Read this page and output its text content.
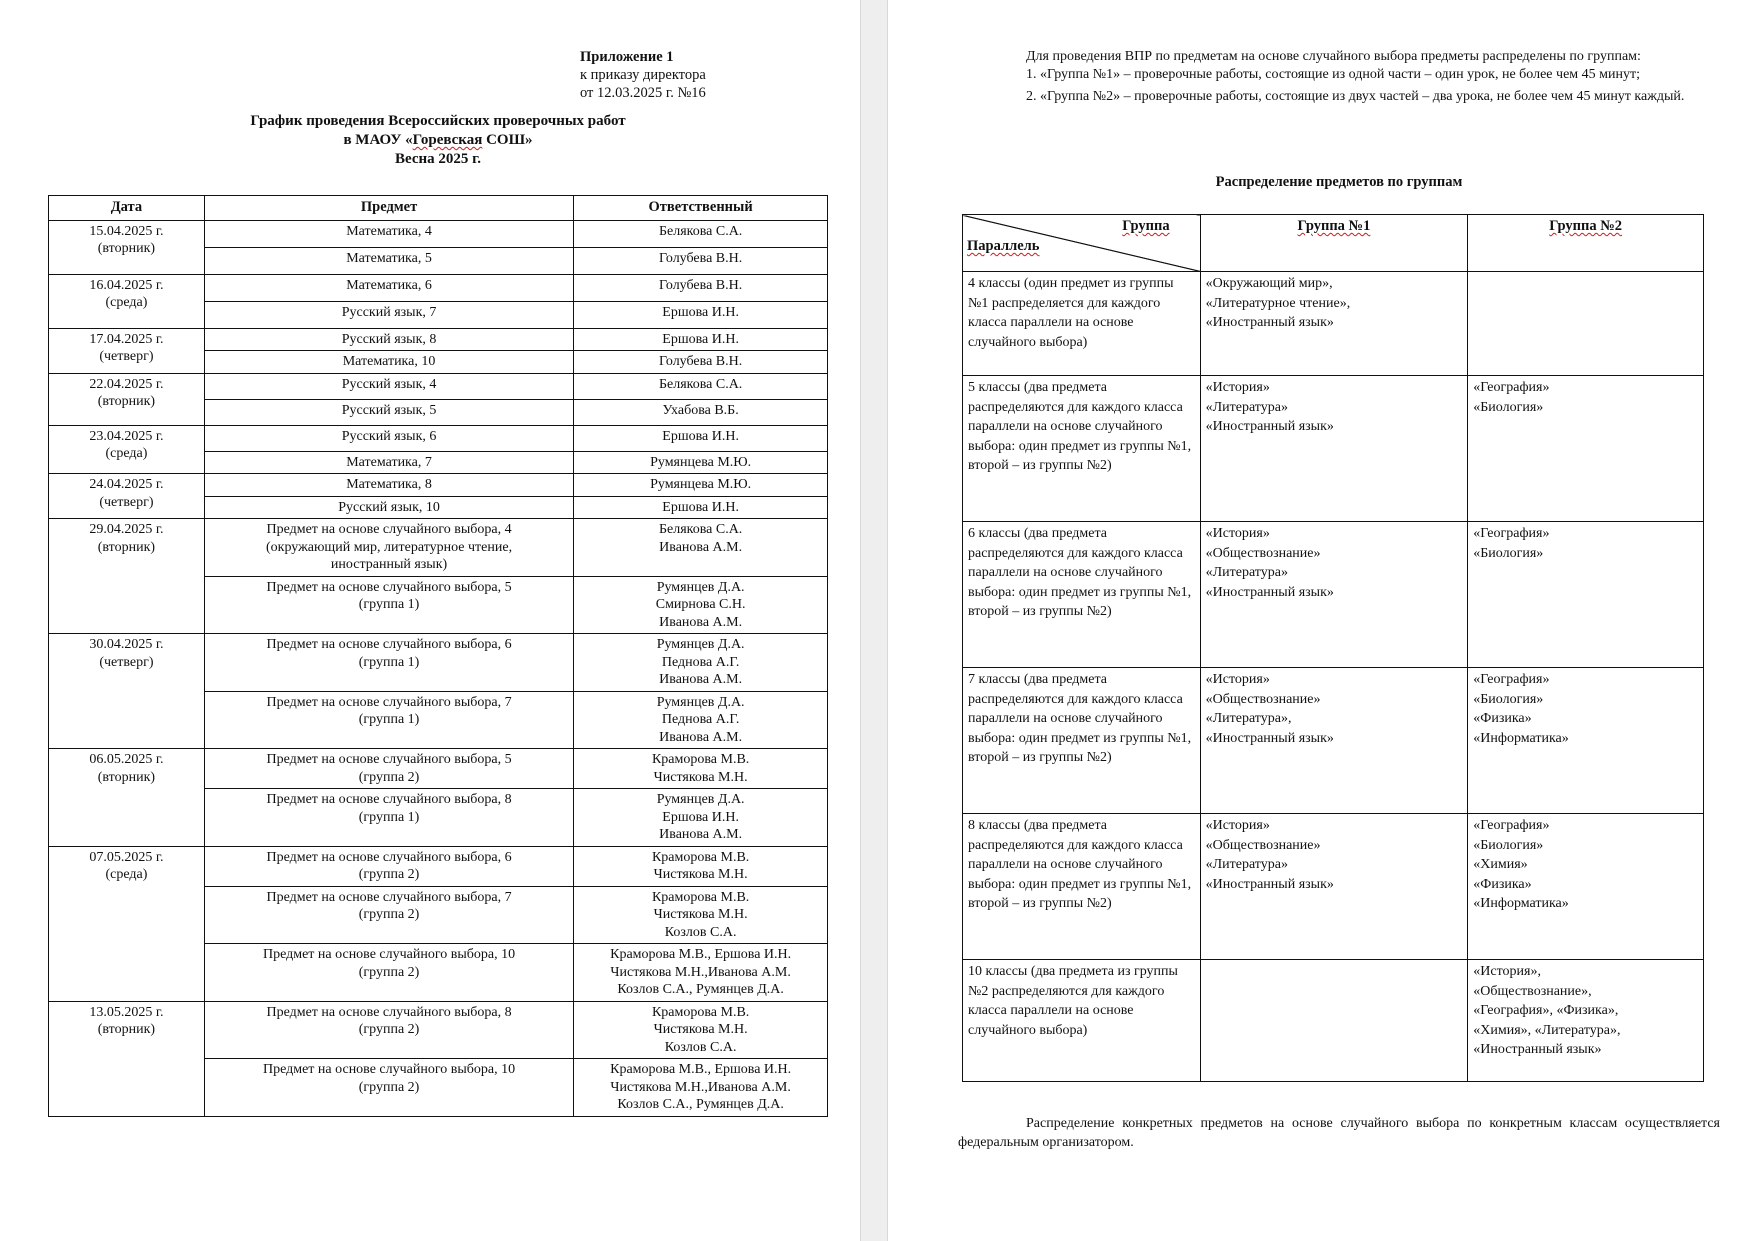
Приложение 1
к приказу директора
от 12.03.2025 г. №16
График проведения Всероссийских проверочных работ
в МАОУ «Горевская СОШ»
Весна 2025 г.
Дата	Предмет	Ответственный
15.04.2025 г.
(вторник)	Математика, 4	Белякова С.А.
	Математика, 5	Голубева В.Н.
16.04.2025 г.
(среда)	Математика, 6	Голубева В.Н.
	Русский язык, 7	Ершова И.Н.
17.04.2025 г.
(четверг)	Русский язык, 8	Ершова И.Н.
	Математика, 10	Голубева В.Н.
22.04.2025 г.
(вторник)	Русский язык, 4	Белякова С.А.
	Русский язык, 5	Ухабова В.Б.
23.04.2025 г.
(среда)	Русский язык, 6	Ершова И.Н.
	Математика, 7	Румянцева М.Ю.
24.04.2025 г.
(четверг)	Математика, 8	Румянцева М.Ю.
	Русский язык, 10	Ершова И.Н.
29.04.2025 г.
(вторник)	Предмет на основе случайного выбора, 4
(окружающий мир, литературное чтение,
иностранный язык)	Белякова С.А.
Иванова А.М.
	Предмет на основе случайного выбора, 5
(группа 1)	Румянцев Д.А.
Смирнова С.Н.
Иванова А.М.
30.04.2025 г.
(четверг)	Предмет на основе случайного выбора, 6
(группа 1)	Румянцев Д.А.
Педнова А.Г.
Иванова А.М.
	Предмет на основе случайного выбора, 7
(группа 1)	Румянцев Д.А.
Педнова А.Г.
Иванова А.М.
06.05.2025 г.
(вторник)	Предмет на основе случайного выбора, 5
(группа 2)	Краморова М.В.
Чистякова М.Н.
	Предмет на основе случайного выбора, 8
(группа 1)	Румянцев Д.А.
Ершова И.Н.
Иванова А.М.
07.05.2025 г.
(среда)	Предмет на основе случайного выбора, 6
(группа 2)	Краморова М.В.
Чистякова М.Н.
	Предмет на основе случайного выбора, 7
(группа 2)	Краморова М.В.
Чистякова М.Н.
Козлов С.А.
	Предмет на основе случайного выбора, 10
(группа 2)	Краморова М.В., Ершова И.Н.
Чистякова М.Н.,Иванова А.М.
Козлов С.А., Румянцев Д.А.
13.05.2025 г.
(вторник)	Предмет на основе случайного выбора, 8
(группа 2)	Краморова М.В.
Чистякова М.Н.
Козлов С.А.
	Предмет на основе случайного выбора, 10
(группа 2)	Краморова М.В., Ершова И.Н.
Чистякова М.Н.,Иванова А.М.
Козлов С.А., Румянцев Д.А.

Для проведения ВПР по предметам на основе случайного выбора предметы распределены по группам:

1. «Группа №1» – проверочные работы, состоящие из одной части – один урок, не более чем 45 минут;

2. «Группа №2» – проверочные работы, состоящие из двух частей – два урока, не более чем 45 минут каждый.

Распределение предметов по группам
Группа
Параллель	Группа №1	Группа №2
4 классы (один предмет из группы №1 распределяется для каждого класса параллели на основе случайного выбора)	«Окружающий мир»,
«Литературное чтение»,
«Иностранный язык»	
5 классы (два предмета распределяются для каждого класса параллели на основе случайного выбора: один предмет из группы №1, второй – из группы №2)	«История»
«Литература»
«Иностранный язык»	«География»
«Биология»
6 классы (два предмета распределяются для каждого класса параллели на основе случайного выбора: один предмет из группы №1, второй – из группы №2)	«История»
«Обществознание»
«Литература»
«Иностранный язык»	«География»
«Биология»
7 классы (два предмета распределяются для каждого класса параллели на основе случайного выбора: один предмет из группы №1, второй – из группы №2)	«История»
«Обществознание»
«Литература»,
«Иностранный язык»	«География»
«Биология»
«Физика»
«Информатика»
8 классы (два предмета распределяются для каждого класса параллели на основе случайного выбора: один предмет из группы №1, второй – из группы №2)	«История»
«Обществознание»
«Литература»
«Иностранный язык»	«География»
«Биология»
«Химия»
«Физика»
«Информатика»
10 классы (два предмета из группы №2 распределяются для каждого класса параллели на основе случайного выбора)		«История»,
«Обществознание»,
«География», «Физика»,
«Химия», «Литература»,
«Иностранный язык»
Распределение конкретных предметов на основе случайного выбора по конкретным классам осуществляется федеральным организатором.
